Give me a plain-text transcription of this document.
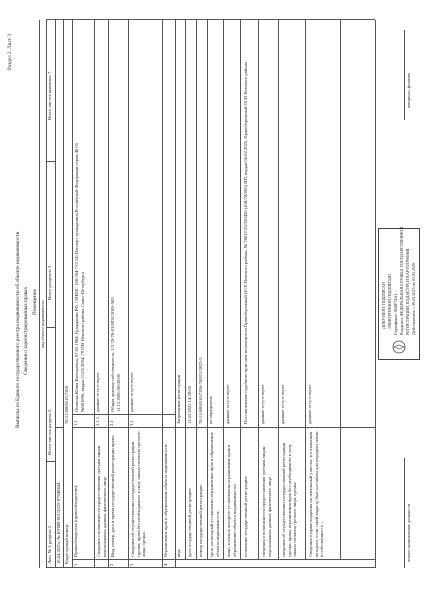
Раздел 2. Лист 3
Выписка из Единого государственного реестра недвижимости об объекте недвижимости Сведения о зарегистрированных правах Помещение вид объекта недвижимости
Лист № 1 раздела 2
Всего листов раздела 2:
Всего разделов: 3
Всего листов выписки: 7
18.04.2025г. № КУВИ-001/2025-97948444 Кадастровый номер:
78:11:0006510:7206
1
Правообладатель (правообладатели):
1.1
Осипова Юлия Евгеньевна, 07.05.1984, Гражданин РФ, СНИЛС 138-264-712 54; Паспорт гражданина Российской Федерации серия 40 05 №881896, выдан 11.05.2004, 79 ОМ Невского района Санкт-Петербурга
Сведения о возможности предоставления третьим лицам персональных данных физического лица
1.1.1
данные отсутствуют
2
Вид, номер, дата и время государственной регистрации права:
2.1
Общая долевая собственность, 1/3 78-78-01/0931/2005-583 11.12.2006 00:00:00
3
Сведения об осуществлении государственной регистрации сделки, права без необходимого в силу закона согласия третьего лица, органа:
3.1
данные отсутствуют
4
Ограничение прав и обременение объекта недвижимости: вид:
Запрещение регистрации
дата государственной регистрации:
11.02.2025 14:39:05
номер государственной регистрации:
78:11:0006510:7206-78/011/2025-5
срок, на который установлено ограничение прав и обременение объекта недвижимости:
не определено
лицо, в пользу которого установлены ограничение прав и обременение объекта недвижимости:
данные отсутствуют
основание государственной регистрации:
Постановление судебного пристава-исполнителя Правобережный ОСП Невского района, № 78017/25/320426 (4-И/78/005) ИП, выдан 06.02.2025, Правобережный ОСП Невского района
сведения о возможности предоставления третьим лицам персональных данных физического лица
данные отсутствуют
сведения об осуществлении государственной регистрации сделки, права, ограничения прав без необходимого в силу закона согласия третьего лица, органа:
данные отсутствуют
Сведения о праве владения на земельный участок, в отношении которого, если такой кадастр был составлен для передачи земли в собственность ...
данные отсутствуют
полное наименование должности
ДОКУМЕНТ ПОДПИСАН ЭЛЕКТРОННОЙ ПОДПИСЬЮ Сертификат: 0D8F74A1 ... Владелец: ФЕДЕРАЛЬНАЯ СЛУЖБА ГОСУДАРСТВЕННОЙ РЕГИСТРАЦИИ, КАДАСТРА И КАРТОГРАФИИ Действителен: с 06.02.2025 по 01.05.2026
инициалы, фамилия
